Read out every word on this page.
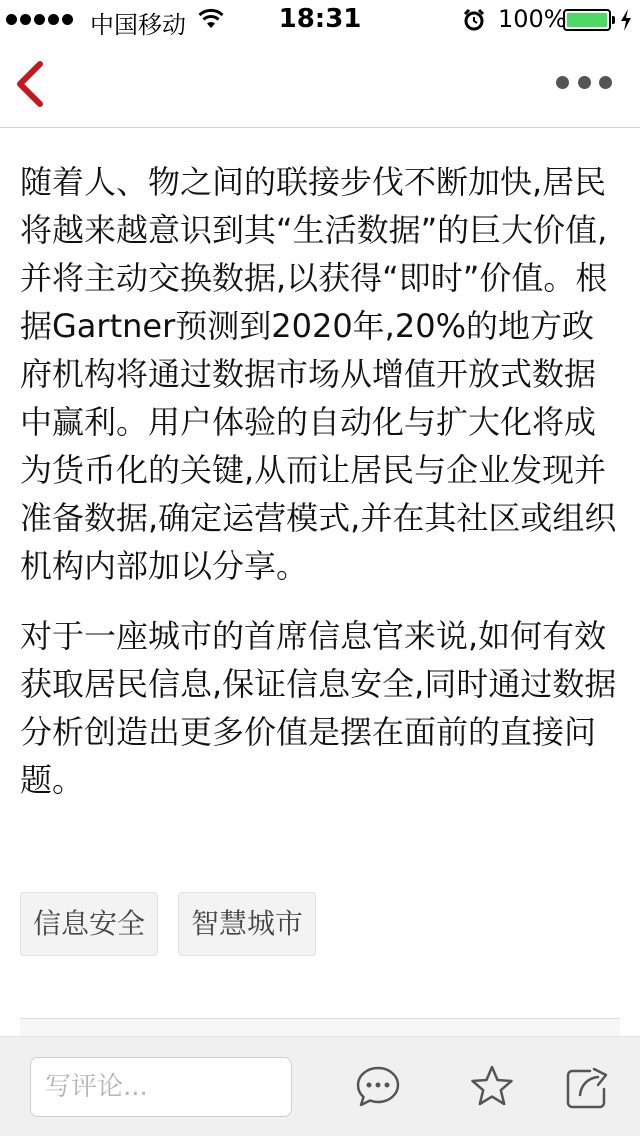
中国移动	18:31	100%

随着人、物之间的联接步伐不断加快,居民将越来越意识到其“生活数据”的巨大价值,并将主动交换数据,以获得“即时”价值。根据Gartner预测到2020年,20%的地方政府机构将通过数据市场从增值开放式数据中赢利。用户体验的自动化与扩大化将成为货币化的关键,从而让居民与企业发现并准备数据,确定运营模式,并在其社区或组织机构内部加以分享。

对于一座城市的首席信息官来说,如何有效获取居民信息,保证信息安全,同时通过数据分析创造出更多价值是摆在面前的直接问题。

信息安全	智慧城市
写评论...
